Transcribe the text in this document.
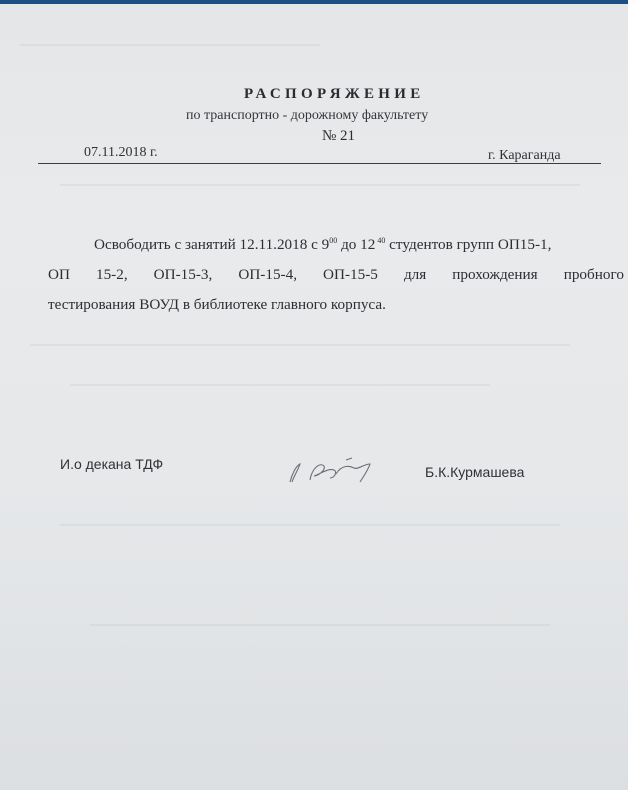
РАСПОРЯЖЕНИЕ
по транспортно - дорожному факультету
№ 21
07.11.2018 г.	г. Караганда
Освободить с занятий 12.11.2018 с $9^{00}$ до 12 $^{40}$ студентов групп ОП15-1,
ОП 15-2, ОП-15-3, ОП-15-4, ОП-15-5 для прохождения пробного
тестирования ВОУД в библиотеке главного корпуса.
И.о декана ТДФ	Б.К.Курмашева
